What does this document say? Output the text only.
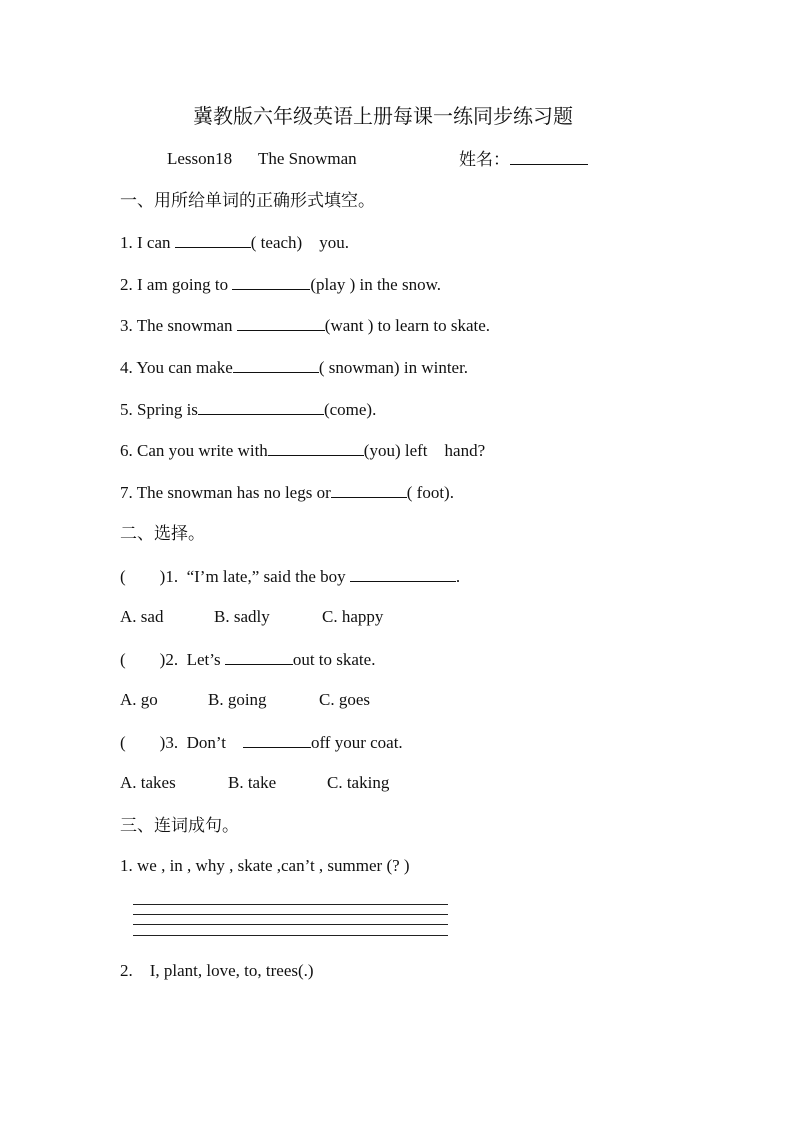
冀教版六年级英语上册每课一练同步练习题
Lesson18 The Snowman	姓名：
一、用所给单词的正确形式填空。
1. I can	( teach)    you.
2. I am going to	(play ) in the snow.
3. The snowman	(want ) to learn to skate.
4. You can make	( snowman) in winter.
5. Spring is	(come).
6. Can you write with	(you) left    hand?
7. The snowman has no legs or	( foot).
二、选择。
(        )1. “I’m late,” said the boy	.
A. sad	B. sadly	C. happy
(        )2. Let’s	out to skate.
A. go	B. going	C. goes
(        )3. Don’t	off your coat.
A. takes	B. take	C. taking
三、连词成句。
1. we , in , why , skate ,can’t , summer (? )
2.    I, plant, love, to, trees(.)
